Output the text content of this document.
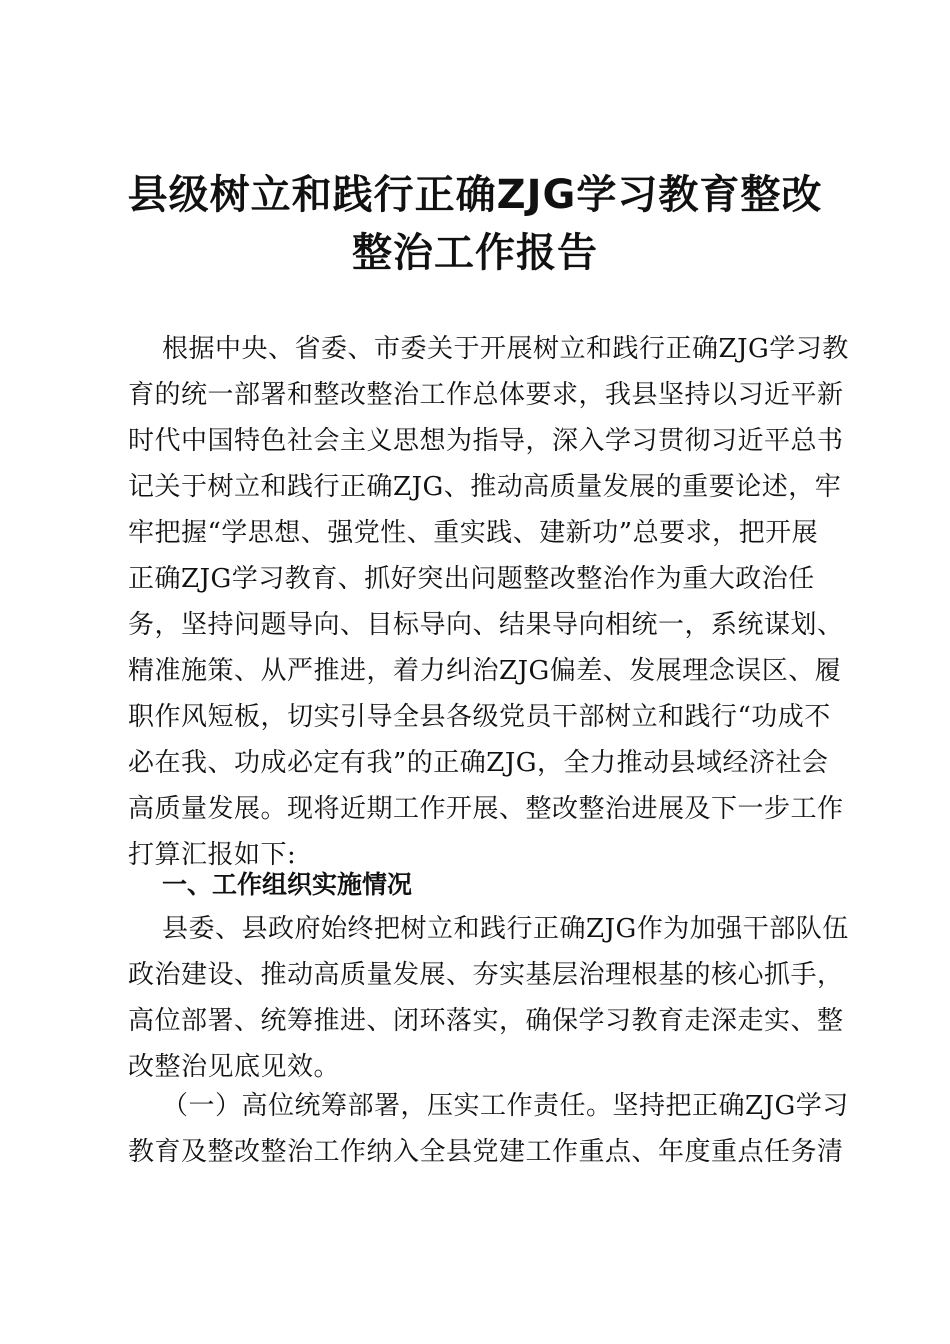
县级树立和践行正确ZJG学习教育整改
整治工作报告
根据中央、省委、市委关于开展树立和践行正确ZJG学习教
育的统一部署和整改整治工作总体要求，我县坚持以习近平新
时代中国特色社会主义思想为指导，深入学习贯彻习近平总书
记关于树立和践行正确ZJG、推动高质量发展的重要论述，牢
牢把握“学思想、强党性、重实践、建新功”总要求，把开展
正确ZJG学习教育、抓好突出问题整改整治作为重大政治任
务，坚持问题导向、目标导向、结果导向相统一，系统谋划、
精准施策、从严推进，着力纠治ZJG偏差、发展理念误区、履
职作风短板，切实引导全县各级党员干部树立和践行“功成不
必在我、功成必定有我”的正确ZJG，全力推动县域经济社会
高质量发展。现将近期工作开展、整改整治进展及下一步工作
打算汇报如下:
一、工作组织实施情况
县委、县政府始终把树立和践行正确ZJG作为加强干部队伍
政治建设、推动高质量发展、夯实基层治理根基的核心抓手，
高位部署、统筹推进、闭环落实，确保学习教育走深走实、整
改整治见底见效。
（一）高位统筹部署，压实工作责任。坚持把正确ZJG学习
教育及整改整治工作纳入全县党建工作重点、年度重点任务清
